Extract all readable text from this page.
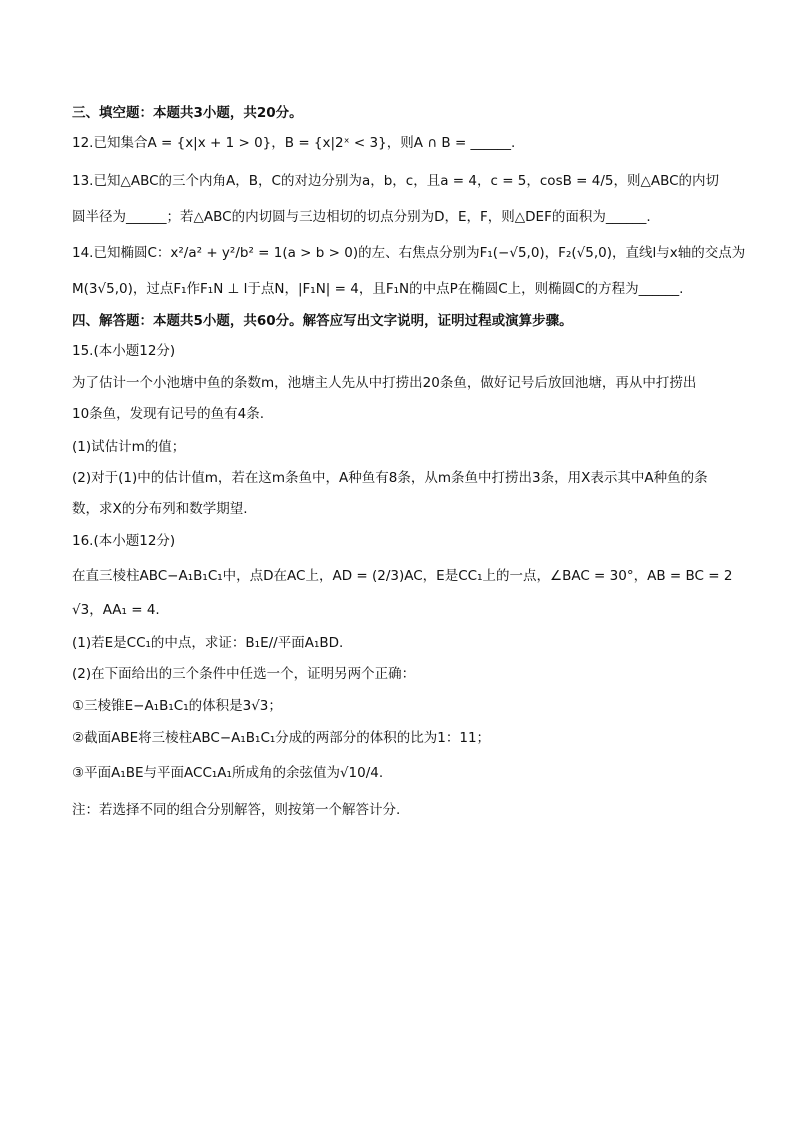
三、填空题：本题共3小题，共20分。
12.已知集合A = {x|x + 1 > 0}，B = {x|2ˣ < 3}，则A ∩ B = ______.
13.已知△ABC的三个内角A，B，C的对边分别为a，b，c，且a = 4，c = 5，cosB = 4/5，则△ABC的内切
圆半径为______；若△ABC的内切圆与三边相切的切点分别为D，E，F，则△DEF的面积为______.
14.已知椭圆C：x²/a² + y²/b² = 1(a > b > 0)的左、右焦点分别为F₁(−√5,0)，F₂(√5,0)，直线l与x轴的交点为
M(3√5,0)，过点F₁作F₁N ⊥ l于点N，|F₁N| = 4，且F₁N的中点P在椭圆C上，则椭圆C的方程为______.
四、解答题：本题共5小题，共60分。解答应写出文字说明，证明过程或演算步骤。
15.(本小题12分)
为了估计一个小池塘中鱼的条数m，池塘主人先从中打捞出20条鱼，做好记号后放回池塘，再从中打捞出
10条鱼，发现有记号的鱼有4条.
(1)试估计m的值；
(2)对于(1)中的估计值m，若在这m条鱼中，A种鱼有8条，从m条鱼中打捞出3条，用X表示其中A种鱼的条
数，求X的分布列和数学期望.
16.(本小题12分)
在直三棱柱ABC−A₁B₁C₁中，点D在AC上，AD = (2/3)AC，E是CC₁上的一点，∠BAC = 30°，AB = BC = 2
√3，AA₁ = 4.
(1)若E是CC₁的中点，求证：B₁E//平面A₁BD.
(2)在下面给出的三个条件中任选一个，证明另两个正确：
①三棱锥E−A₁B₁C₁的体积是3√3；
②截面ABE将三棱柱ABC−A₁B₁C₁分成的两部分的体积的比为1：11；
③平面A₁BE与平面ACC₁A₁所成角的余弦值为√10/4.
注：若选择不同的组合分别解答，则按第一个解答计分.
